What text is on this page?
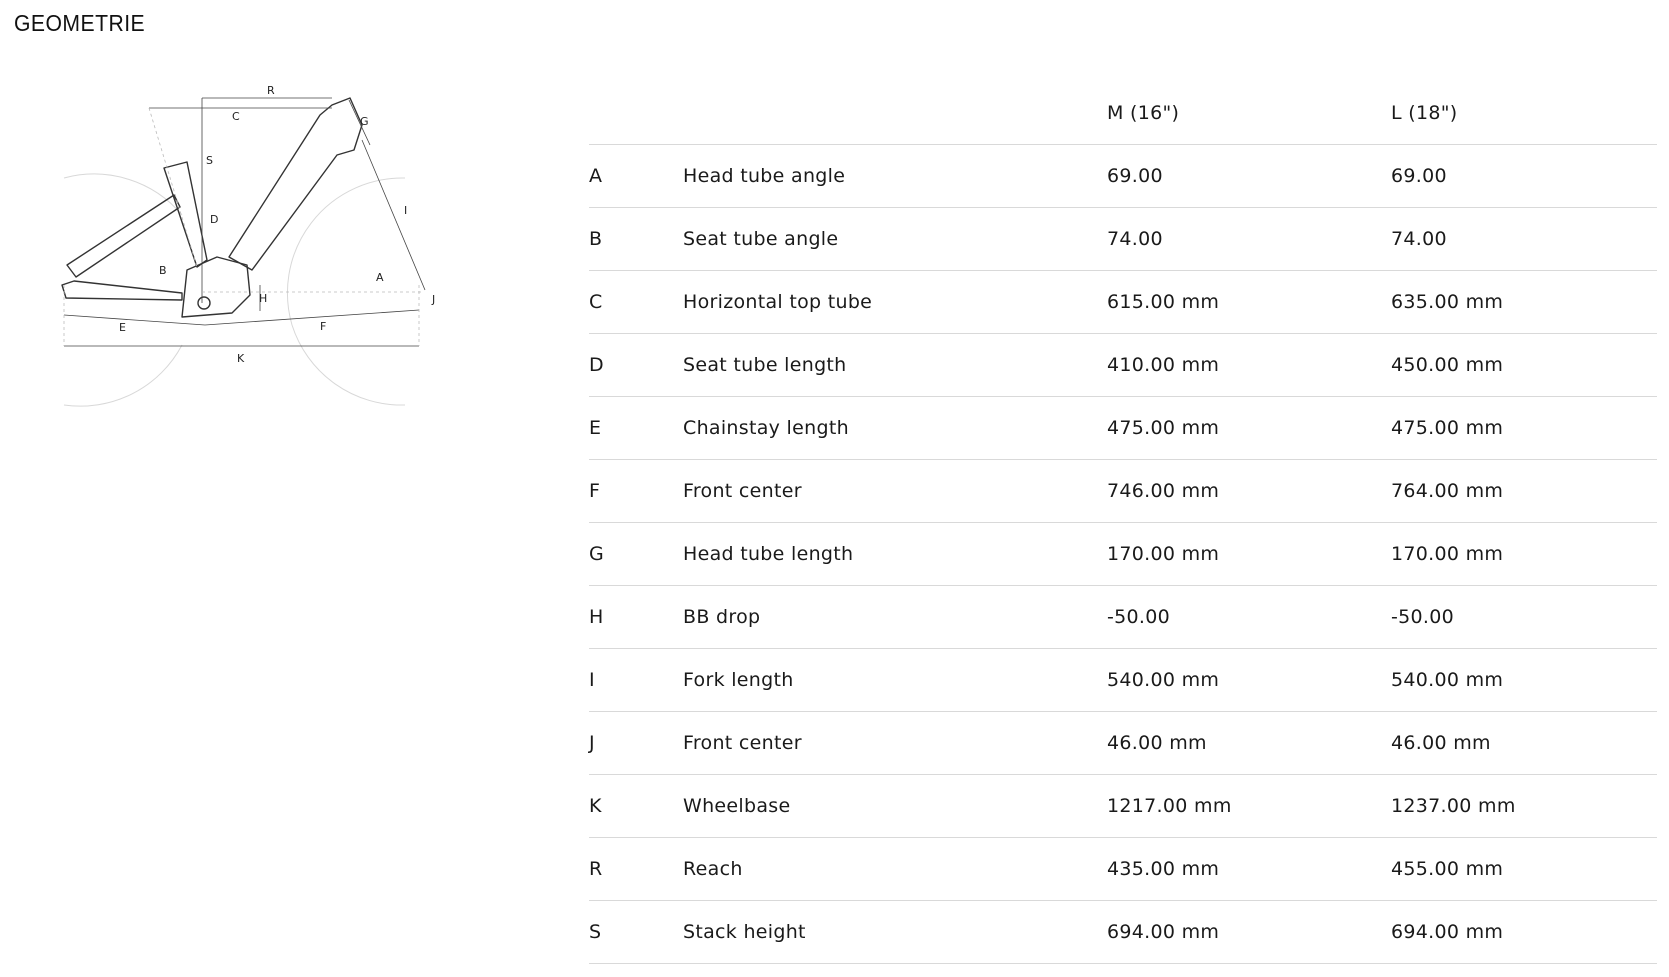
GEOMETRIE
R
C	G
S
I
D
B
A
H	J
E	F
K
		M (16")	L (18")
A	Head tube angle	69.00	69.00
B	Seat tube angle	74.00	74.00
C	Horizontal top tube	615.00 mm	635.00 mm
D	Seat tube length	410.00 mm	450.00 mm
E	Chainstay length	475.00 mm	475.00 mm
F	Front center	746.00 mm	764.00 mm
G	Head tube length	170.00 mm	170.00 mm
H	BB drop	-50.00	-50.00
I	Fork length	540.00 mm	540.00 mm
J	Front center	46.00 mm	46.00 mm
K	Wheelbase	1217.00 mm	1237.00 mm
R	Reach	435.00 mm	455.00 mm
S	Stack height	694.00 mm	694.00 mm
